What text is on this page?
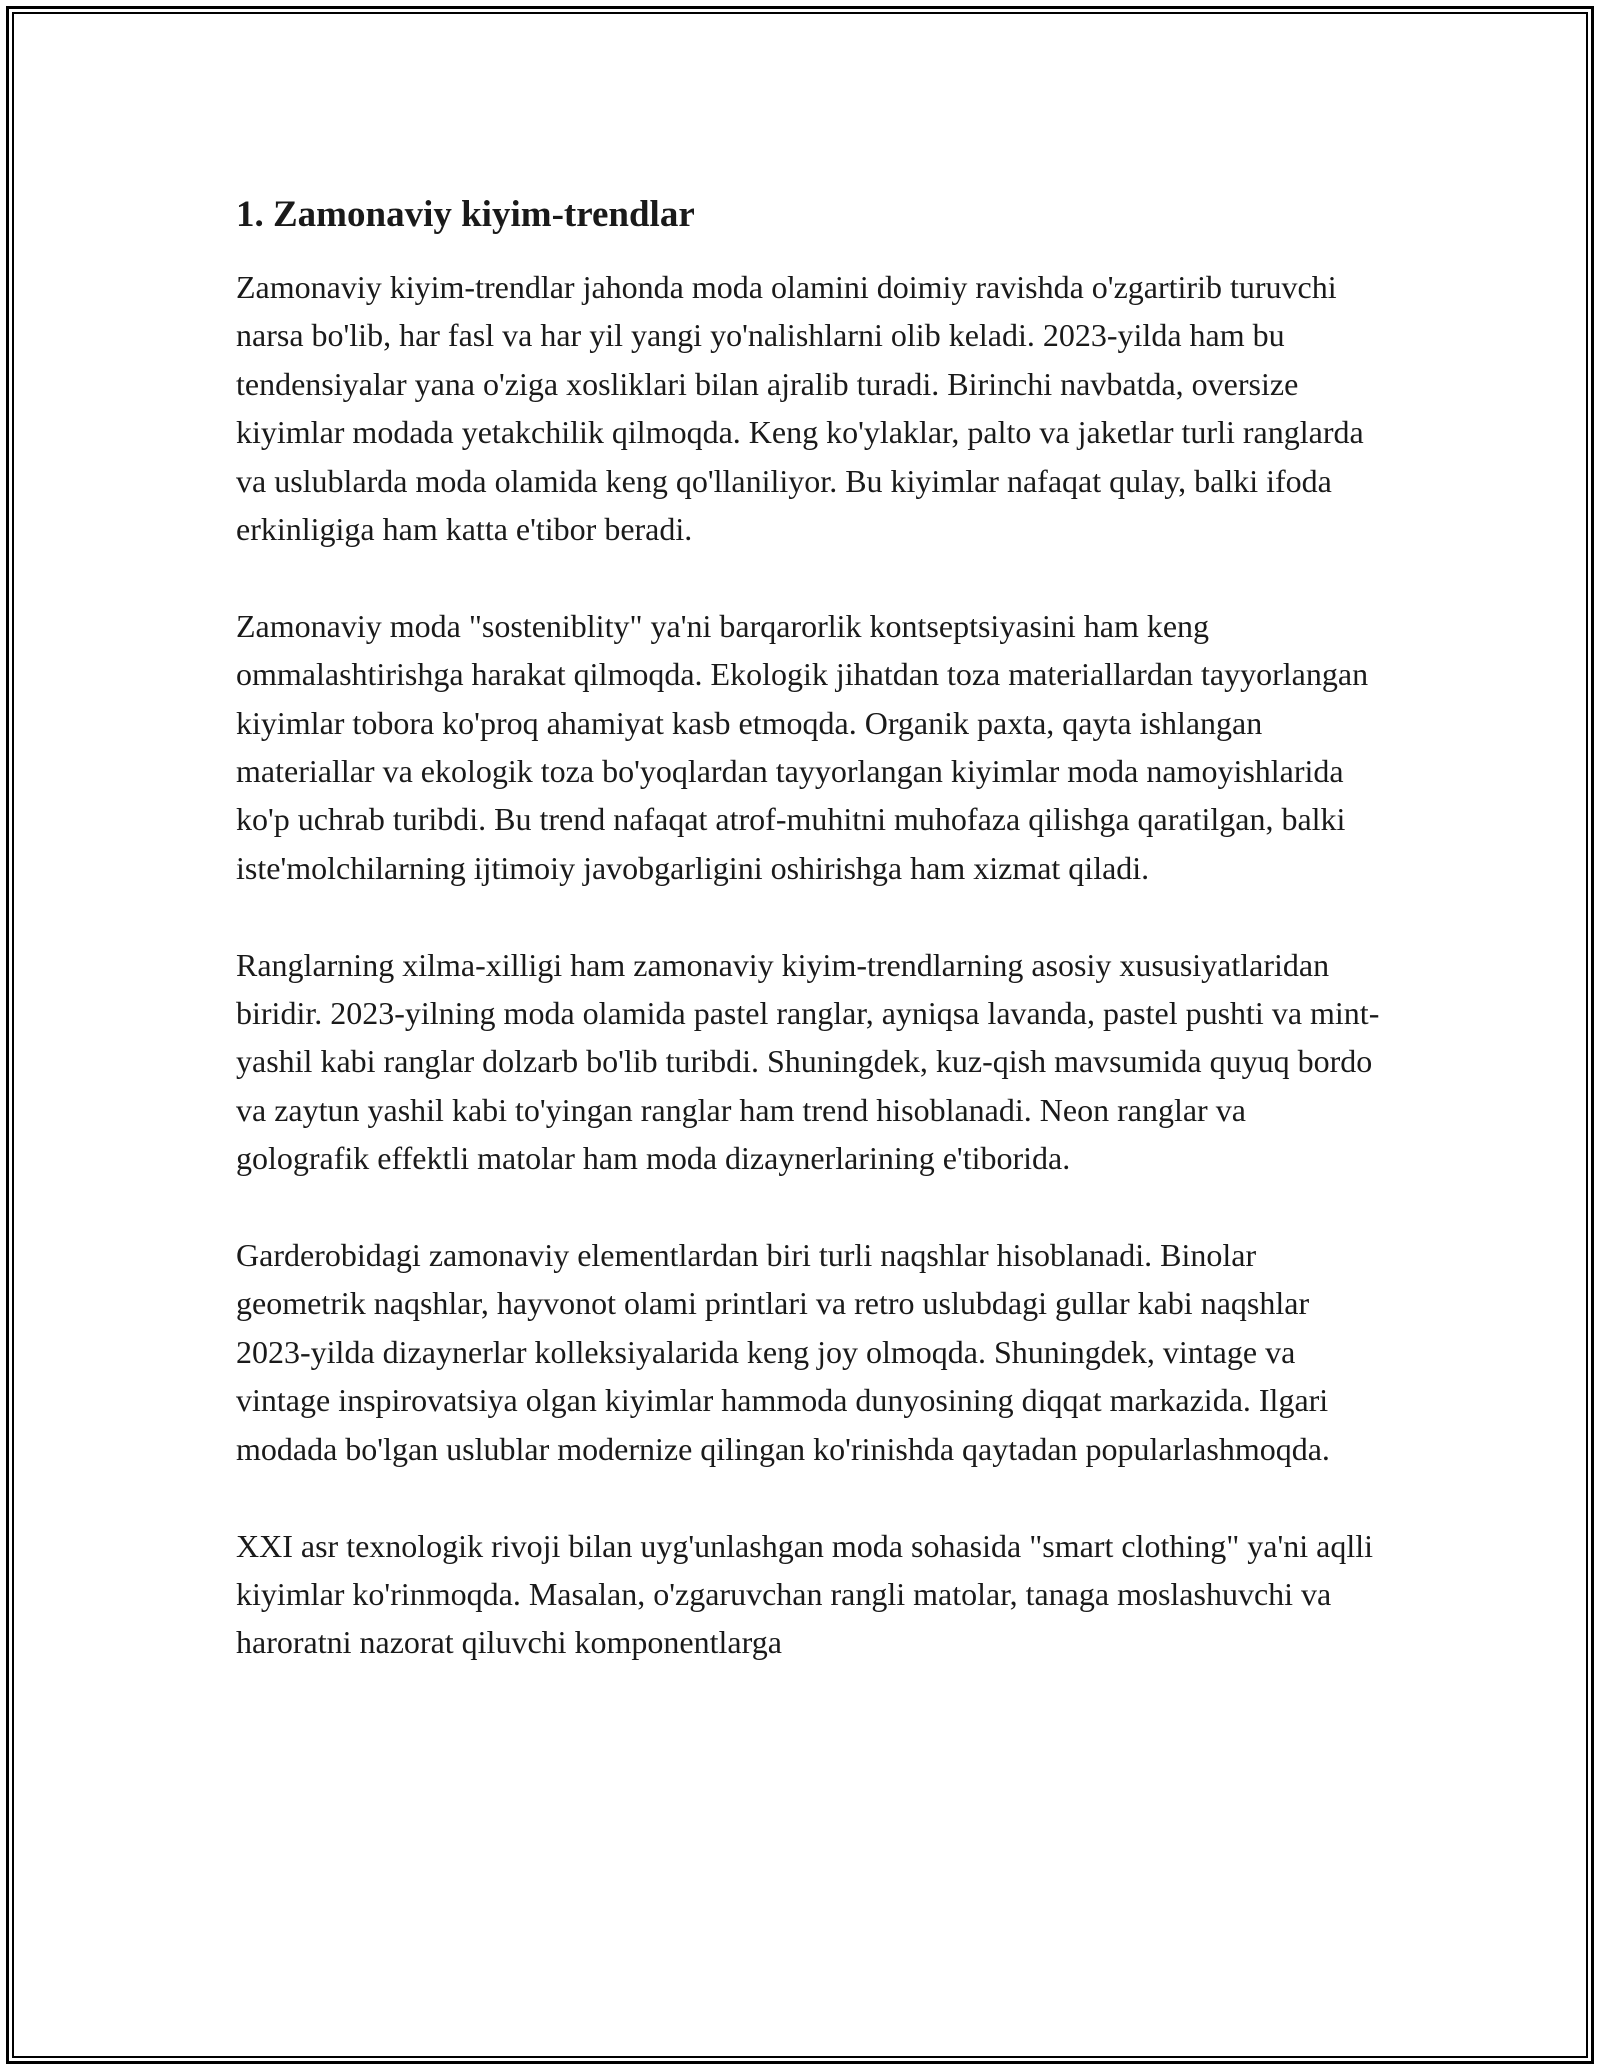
1. Zamonaviy kiyim-trendlar

Zamonaviy kiyim-trendlar jahonda moda olamini doimiy ravishda o'zgartirib turuvchi narsa bo'lib, har fasl va har yil yangi yo'nalishlarni olib keladi. 2023-yilda ham bu tendensiyalar yana o'ziga xosliklari bilan ajralib turadi. Birinchi navbatda, oversize kiyimlar modada yetakchilik qilmoqda. Keng ko'ylaklar, palto va jaketlar turli ranglarda va uslublarda moda olamida keng qo'llaniliyor. Bu kiyimlar nafaqat qulay, balki ifoda erkinligiga ham katta e'tibor beradi.

Zamonaviy moda "sosteniblity" ya'ni barqarorlik kontseptsiyasini ham keng ommalashtirishga harakat qilmoqda. Ekologik jihatdan toza materiallardan tayyorlangan kiyimlar tobora ko'proq ahamiyat kasb etmoqda. Organik paxta, qayta ishlangan materiallar va ekologik toza bo'yoqlardan tayyorlangan kiyimlar moda namoyishlarida ko'p uchrab turibdi. Bu trend nafaqat atrof-muhitni muhofaza qilishga qaratilgan, balki iste'molchilarning ijtimoiy javobgarligini oshirishga ham xizmat qiladi.

Ranglarning xilma-xilligi ham zamonaviy kiyim-trendlarning asosiy xususiyatlaridan biridir. 2023-yilning moda olamida pastel ranglar, ayniqsa lavanda, pastel pushti va mint-yashil kabi ranglar dolzarb bo'lib turibdi. Shuningdek, kuz-qish mavsumida quyuq bordo va zaytun yashil kabi to'yingan ranglar ham trend hisoblanadi. Neon ranglar va golografik effektli matolar ham moda dizaynerlarining e'tiborida.

Garderobidagi zamonaviy elementlardan biri turli naqshlar hisoblanadi. Binolar geometrik naqshlar, hayvonot olami printlari va retro uslubdagi gullar kabi naqshlar 2023-yilda dizaynerlar kolleksiyalarida keng joy olmoqda. Shuningdek, vintage va vintage inspirovatsiya olgan kiyimlar hammoda dunyosining diqqat markazida. Ilgari modada bo'lgan uslublar modernize qilingan ko'rinishda qaytadan popularlashmoqda.

XXI asr texnologik rivoji bilan uyg'unlashgan moda sohasida "smart clothing" ya'ni aqlli kiyimlar ko'rinmoqda. Masalan, o'zgaruvchan rangli matolar, tanaga moslashuvchi va haroratni nazorat qiluvchi komponentlarga
